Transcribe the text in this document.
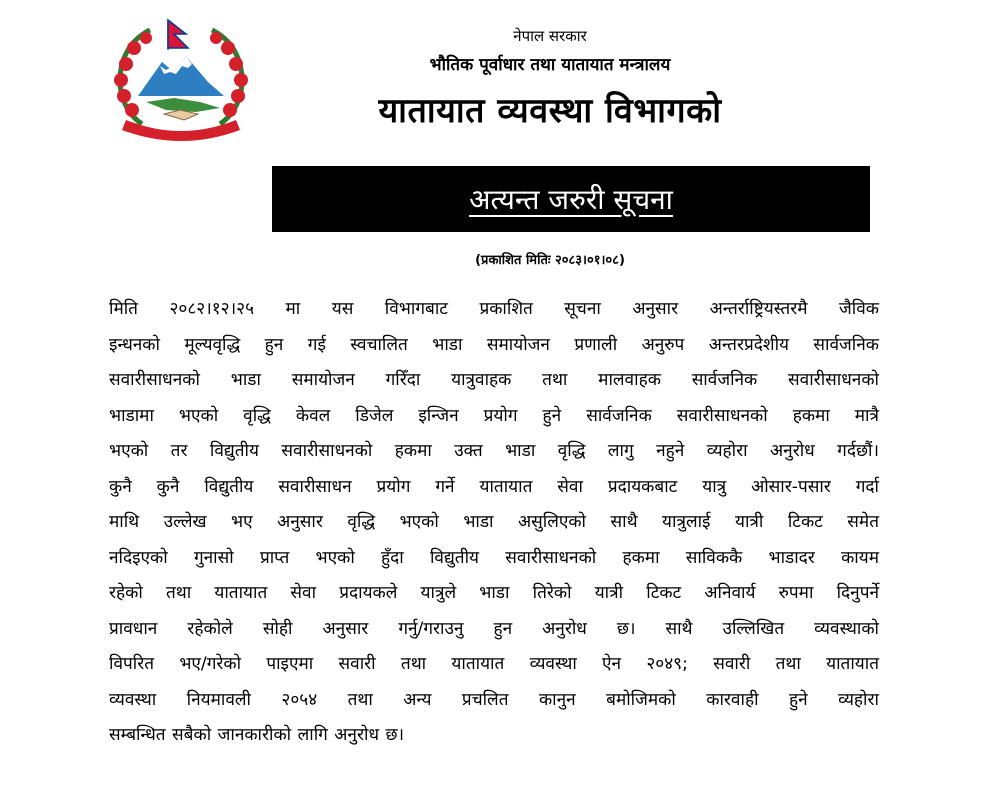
नेपाल सरकार
भौतिक पूर्वाधार तथा यातायात मन्त्रालय
यातायात व्यवस्था विभागको
अत्यन्त जरुरी सूचना
(प्रकाशित मितिः २०८३।०१।०८)
मिति २०८२।१२।२५ मा यस विभागबाट प्रकाशित सूचना अनुसार अन्तर्राष्ट्रियस्तरमै जैविक
इन्धनको मूल्यवृद्धि हुन गई स्वचालित भाडा समायोजन प्रणाली अनुरुप अन्तरप्रदेशीय सार्वजनिक
सवारीसाधनको भाडा समायोजन गरिँदा यात्रुवाहक तथा मालवाहक सार्वजनिक सवारीसाधनको
भाडामा भएको वृद्धि केवल डिजेल इन्जिन प्रयोग हुने सार्वजनिक सवारीसाधनको हकमा मात्रै
भएको तर विद्युतीय सवारीसाधनको हकमा उक्त भाडा वृद्धि लागु नहुने व्यहोरा अनुरोध गर्दछौं।
कुनै कुनै विद्युतीय सवारीसाधन प्रयोग गर्ने यातायात सेवा प्रदायकबाट यात्रु ओसार-पसार गर्दा
माथि उल्लेख भए अनुसार वृद्धि भएको भाडा असुलिएको साथै यात्रुलाई यात्री टिकट समेत
नदिइएको गुनासो प्राप्त भएको हुँदा विद्युतीय सवारीसाधनको हकमा साविककै भाडादर कायम
रहेको तथा यातायात सेवा प्रदायकले यात्रुले भाडा तिरेको यात्री टिकट अनिवार्य रुपमा दिनुपर्ने
प्रावधान रहेकोले सोही अनुसार गर्नु/गराउनु हुन अनुरोध छ। साथै उल्लिखित व्यवस्थाको
विपरित भए/गरेको पाइएमा सवारी तथा यातायात व्यवस्था ऐन २०४९; सवारी तथा यातायात
व्यवस्था नियमावली २०५४ तथा अन्य प्रचलित कानुन बमोजिमको कारवाही हुने व्यहोरा
सम्बन्धित सबैको जानकारीको लागि अनुरोध छ।
